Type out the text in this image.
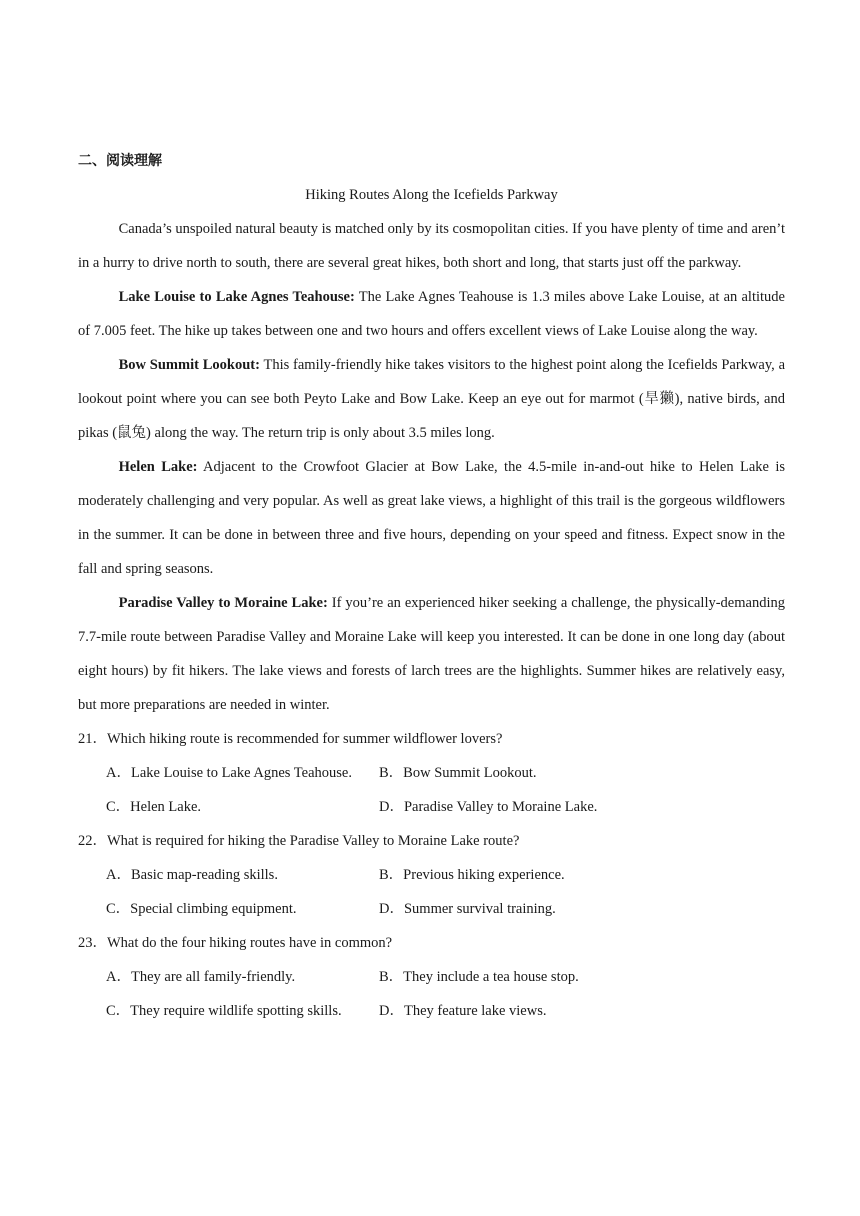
二、阅读理解

Hiking Routes Along the Icefields Parkway

Canada’s unspoiled natural beauty is matched only by its cosmopolitan cities. If you have plenty of time and aren’t in a hurry to drive north to south, there are several great hikes, both short and long, that starts just off the parkway.

Lake Louise to Lake Agnes Teahouse: The Lake Agnes Teahouse is 1.3 miles above Lake Louise, at an altitude of 7.005 feet. The hike up takes between one and two hours and offers excellent views of Lake Louise along the way.

Bow Summit Lookout: This family-friendly hike takes visitors to the highest point along the Icefields Parkway, a lookout point where you can see both Peyto Lake and Bow Lake. Keep an eye out for marmot (旱獭), native birds, and pikas (鼠兔) along the way. The return trip is only about 3.5 miles long.

Helen Lake: Adjacent to the Crowfoot Glacier at Bow Lake, the 4.5-mile in-and-out hike to Helen Lake is moderately challenging and very popular. As well as great lake views, a highlight of this trail is the gorgeous wildflowers in the summer. It can be done in between three and five hours, depending on your speed and fitness. Expect snow in the fall and spring seasons.

Paradise Valley to Moraine Lake: If you’re an experienced hiker seeking a challenge, the physically-demanding 7.7-mile route between Paradise Valley and Moraine Lake will keep you interested. It can be done in one long day (about eight hours) by fit hikers. The lake views and forests of larch trees are the highlights. Summer hikes are relatively easy, but more preparations are needed in winter.

21．Which hiking route is recommended for summer wildflower lovers?

A．Lake Louise to Lake Agnes Teahouse.	B．Bow Summit Lookout.
C．Helen Lake.	D．Paradise Valley to Moraine Lake.

22．What is required for hiking the Paradise Valley to Moraine Lake route?

A．Basic map-reading skills.	B．Previous hiking experience.
C．Special climbing equipment.	D．Summer survival training.

23．What do the four hiking routes have in common?

A．They are all family-friendly.	B．They include a tea house stop.
C．They require wildlife spotting skills.	D．They feature lake views.
